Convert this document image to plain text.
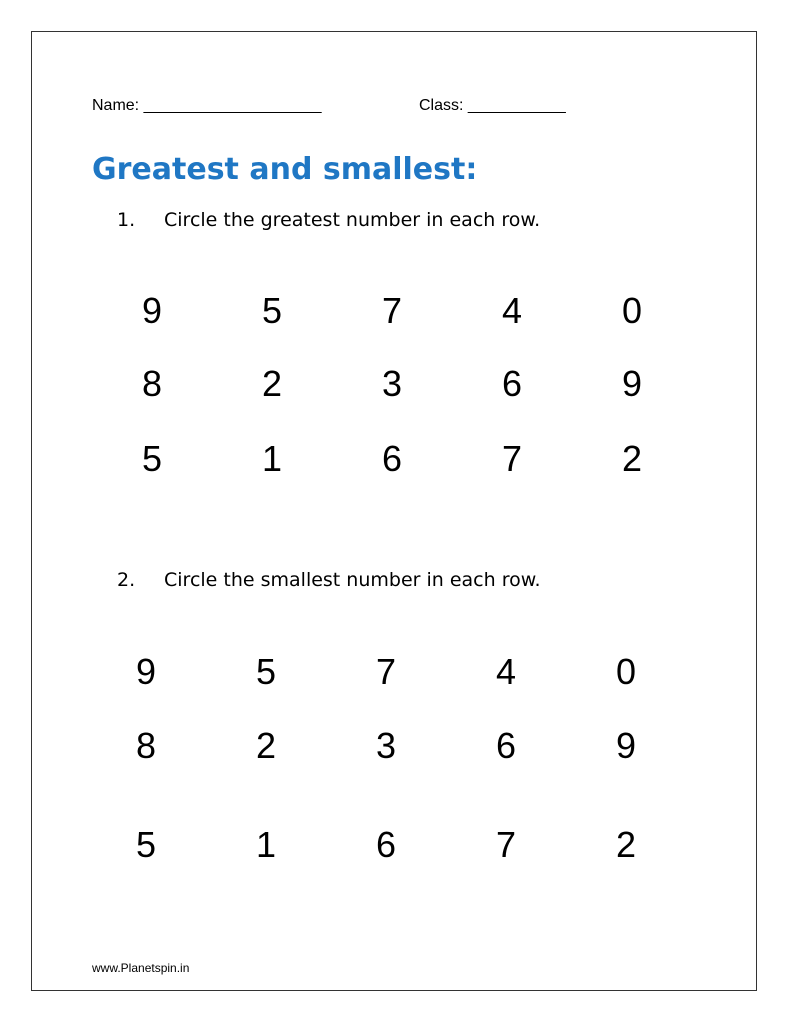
Name: ____________________	Class: ___________
Greatest and smallest:
1. Circle the greatest number in each row.
9	5	7	4	0
8	2	3	6	9
5	1	6	7	2
2. Circle the smallest number in each row.
9	5	7	4	0
8	2	3	6	9
5	1	6	7	2
www.Planetspin.in
